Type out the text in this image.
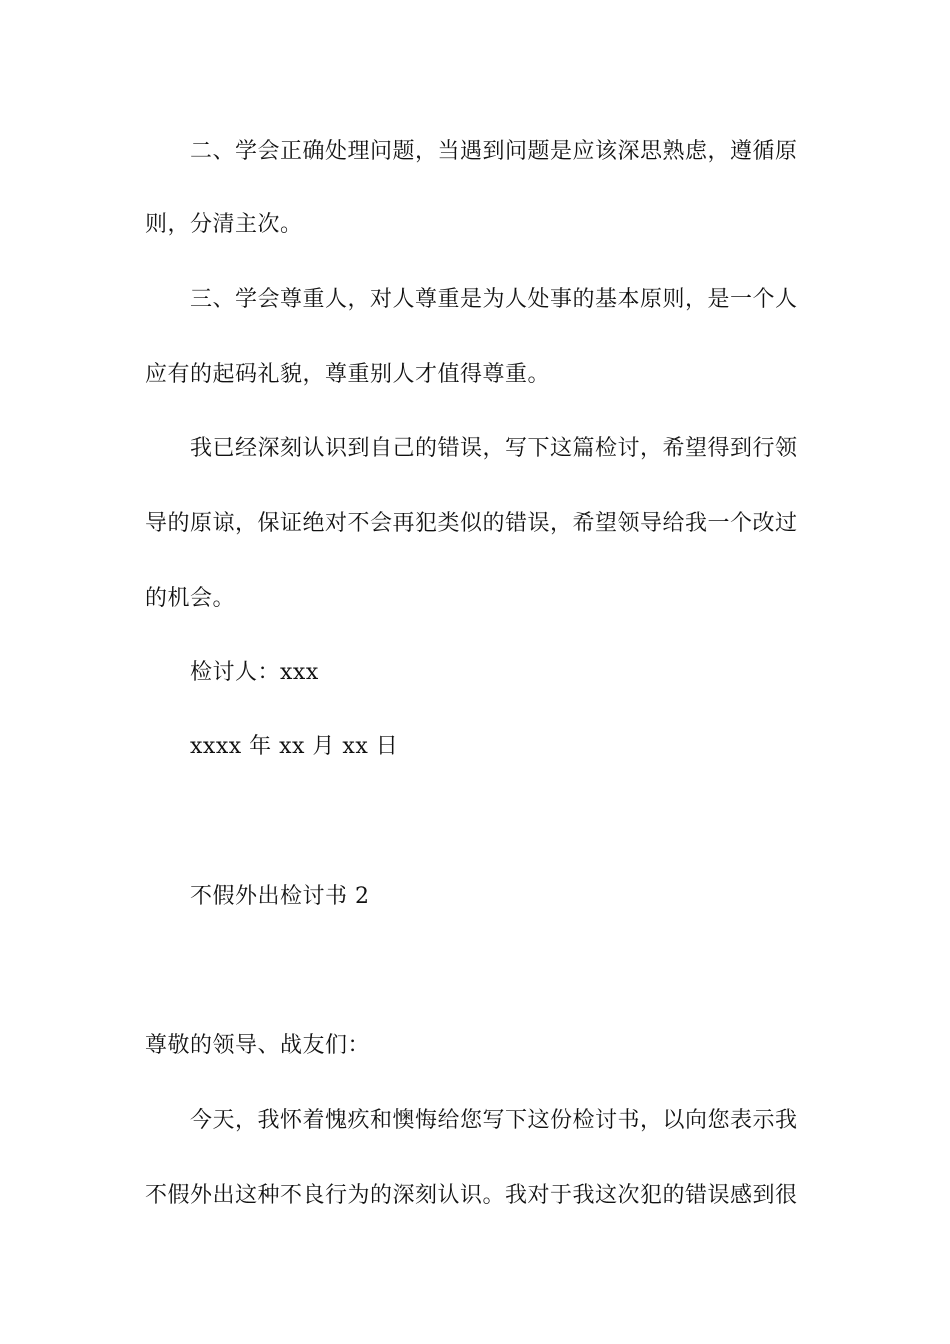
二、学会正确处理问题，当遇到问题是应该深思熟虑，遵循原
则，分清主次。
三、学会尊重人，对人尊重是为人处事的基本原则，是一个人
应有的起码礼貌，尊重别人才值得尊重。
我已经深刻认识到自己的错误，写下这篇检讨，希望得到行领
导的原谅，保证绝对不会再犯类似的错误，希望领导给我一个改过
的机会。
检讨人：xxx
xxxx 年 xx 月 xx 日
不假外出检讨书 2
尊敬的领导、战友们：
今天，我怀着愧疚和懊悔给您写下这份检讨书，以向您表示我
不假外出这种不良行为的深刻认识。我对于我这次犯的错误感到很
